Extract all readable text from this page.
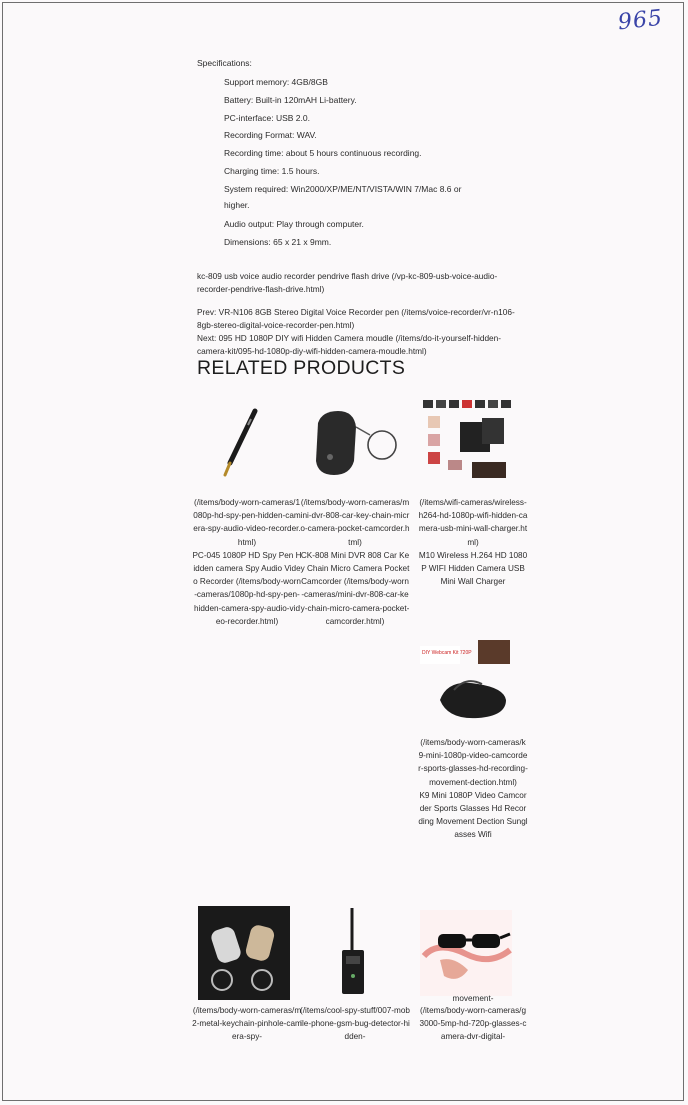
965
Specifications:
Support memory: 4GB/8GB
Battery: Built-in 120mAH Li-battery.
PC-interface: USB 2.0.
Recording Format: WAV.
Recording time: about 5 hours continuous recording.
Charging time: 1.5 hours.
System required: Win2000/XP/ME/NT/VISTA/WIN 7/Mac 8.6 or
higher.
Audio output: Play through computer.
Dimensions: 65 x 21 x 9mm.
kc-809 usb voice audio recorder pendrive flash drive (/vp-kc-809-usb-voice-audio-recorder-pendrive-flash-drive.html)
Prev: VR-N106 8GB Stereo Digital Voice Recorder pen (/items/voice-recorder/vr-n106-8gb-stereo-digital-voice-recorder-pen.html)
Next: 095 HD 1080P DIY wifi Hidden Camera moudle (/items/do-it-yourself-hidden-camera-kit/095-hd-1080p-diy-wifi-hidden-camera-moudle.html)
RELATED PRODUCTS
(/items/body-worn-cameras/1080p-hd-spy-pen-hidden-camera-spy-audio-video-recorder.html)
PC-045 1080P HD Spy Pen Hidden camera Spy Audio Video Recorder (/items/body-worn-cameras/1080p-hd-spy-pen-hidden-camera-spy-audio-video-recorder.html)
(/items/body-worn-cameras/mini-dvr-808-car-key-chain-micro-camera-pocket-camcorder.html)
CK-808 Mini DVR 808 Car Key Chain Micro Camera Pocket Camcorder (/items/body-worn-cameras/mini-dvr-808-car-key-chain-micro-camera-pocket-camcorder.html)
(/items/wifi-cameras/wireless-h264-hd-1080p-wifi-hidden-camera-usb-mini-wall-charger.html)
M10 Wireless H.264 HD 1080P WIFI Hidden Camera USB Mini Wall Charger
DIY Webcam Kit 720P
(/items/body-worn-cameras/k9-mini-1080p-video-camcorder-sports-glasses-hd-recording-movement-dection.html)
K9 Mini 1080P Video Camcorder Sports Glasses Hd Recording Movement Dection Sunglasses Wifi
(/items/body-worn-cameras/m2-metal-keychain-pinhole-camera-spy-
(/items/cool-spy-stuff/007-mobile-phone-gsm-bug-detector-hidden-
movement-
(/items/body-worn-cameras/g3000-5mp-hd-720p-glasses-camera-dvr-digital-
